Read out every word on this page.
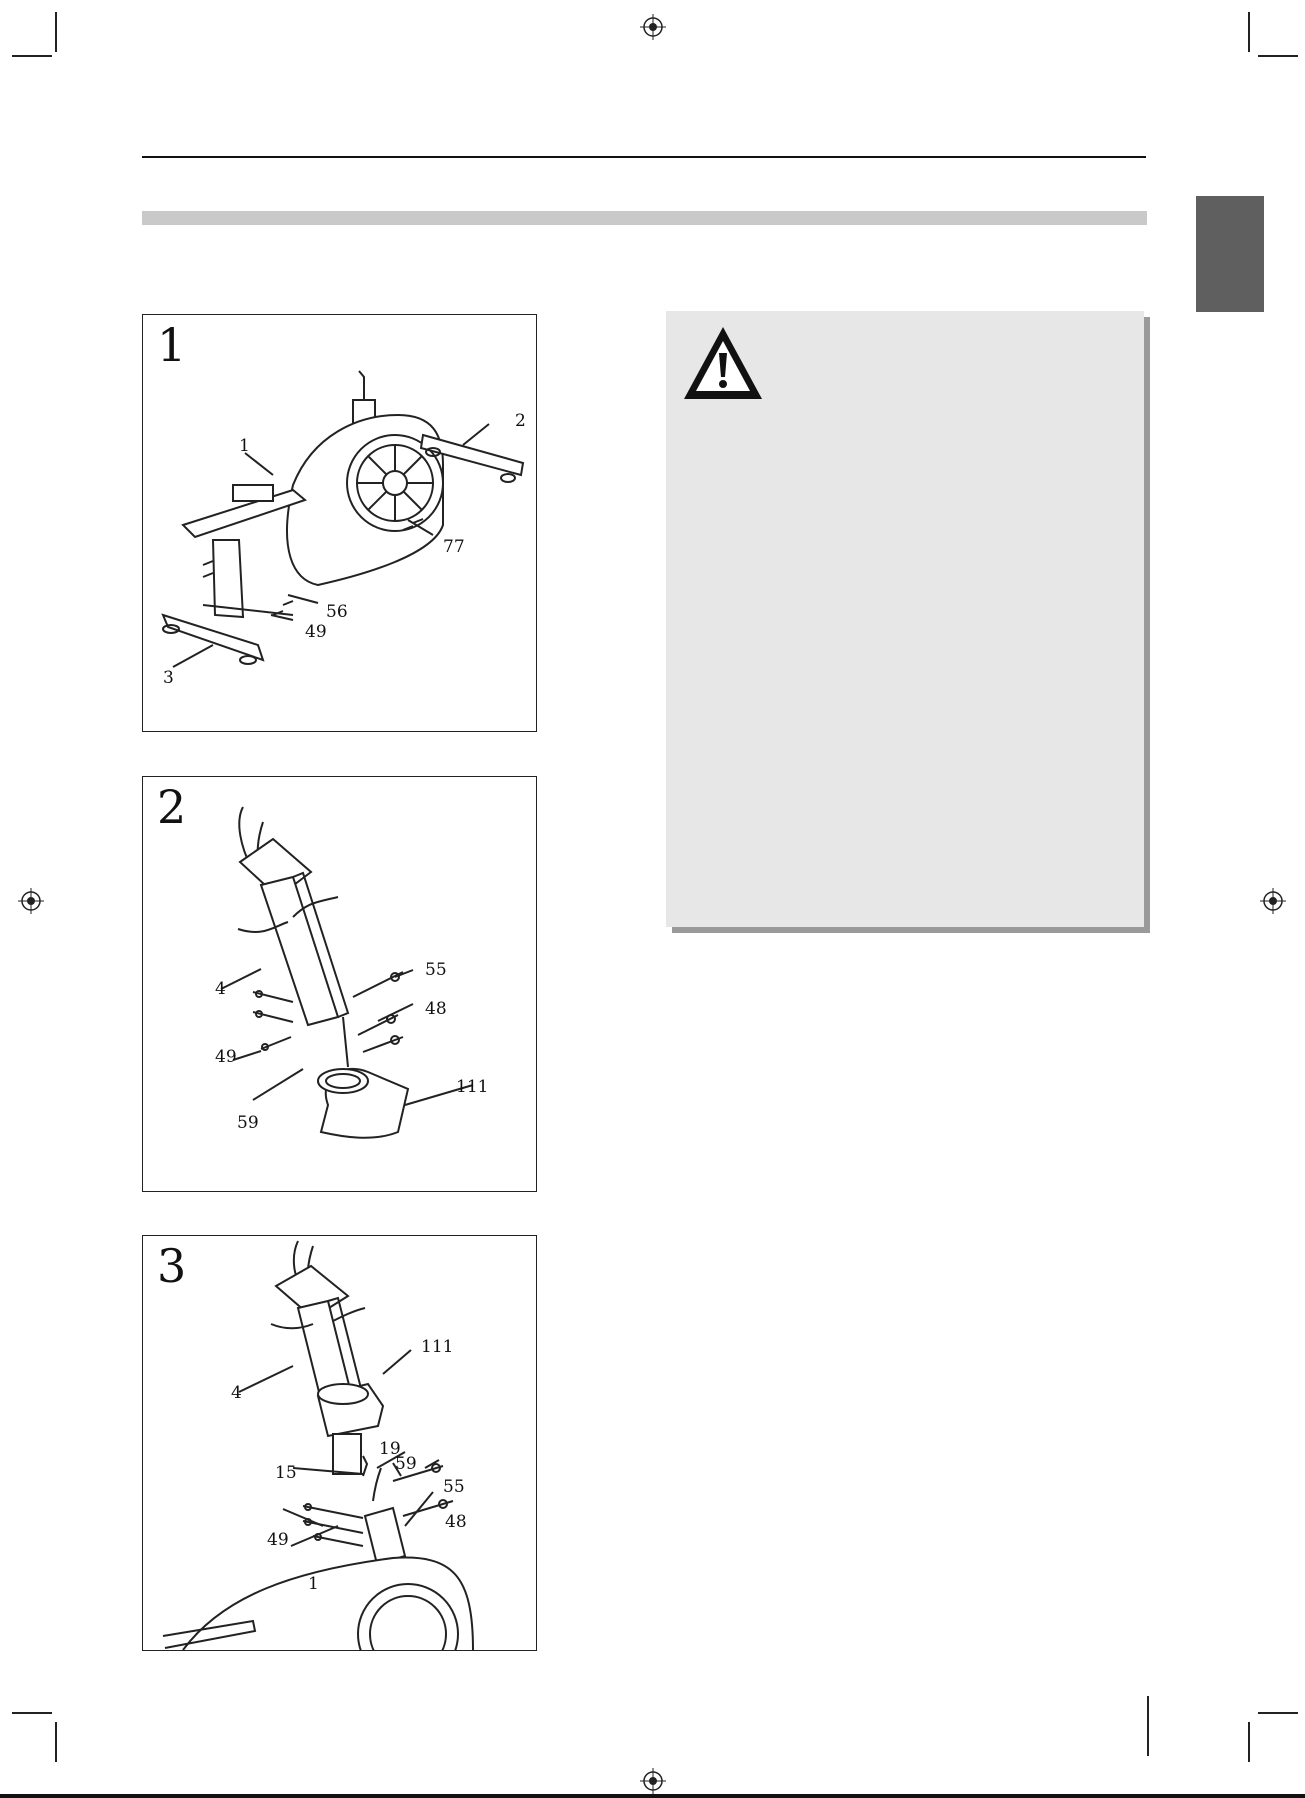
1
1
2
77
56
49
3
2
4
55
48
49
59
111
3
4
111
19
15	59
55
48
49
1
